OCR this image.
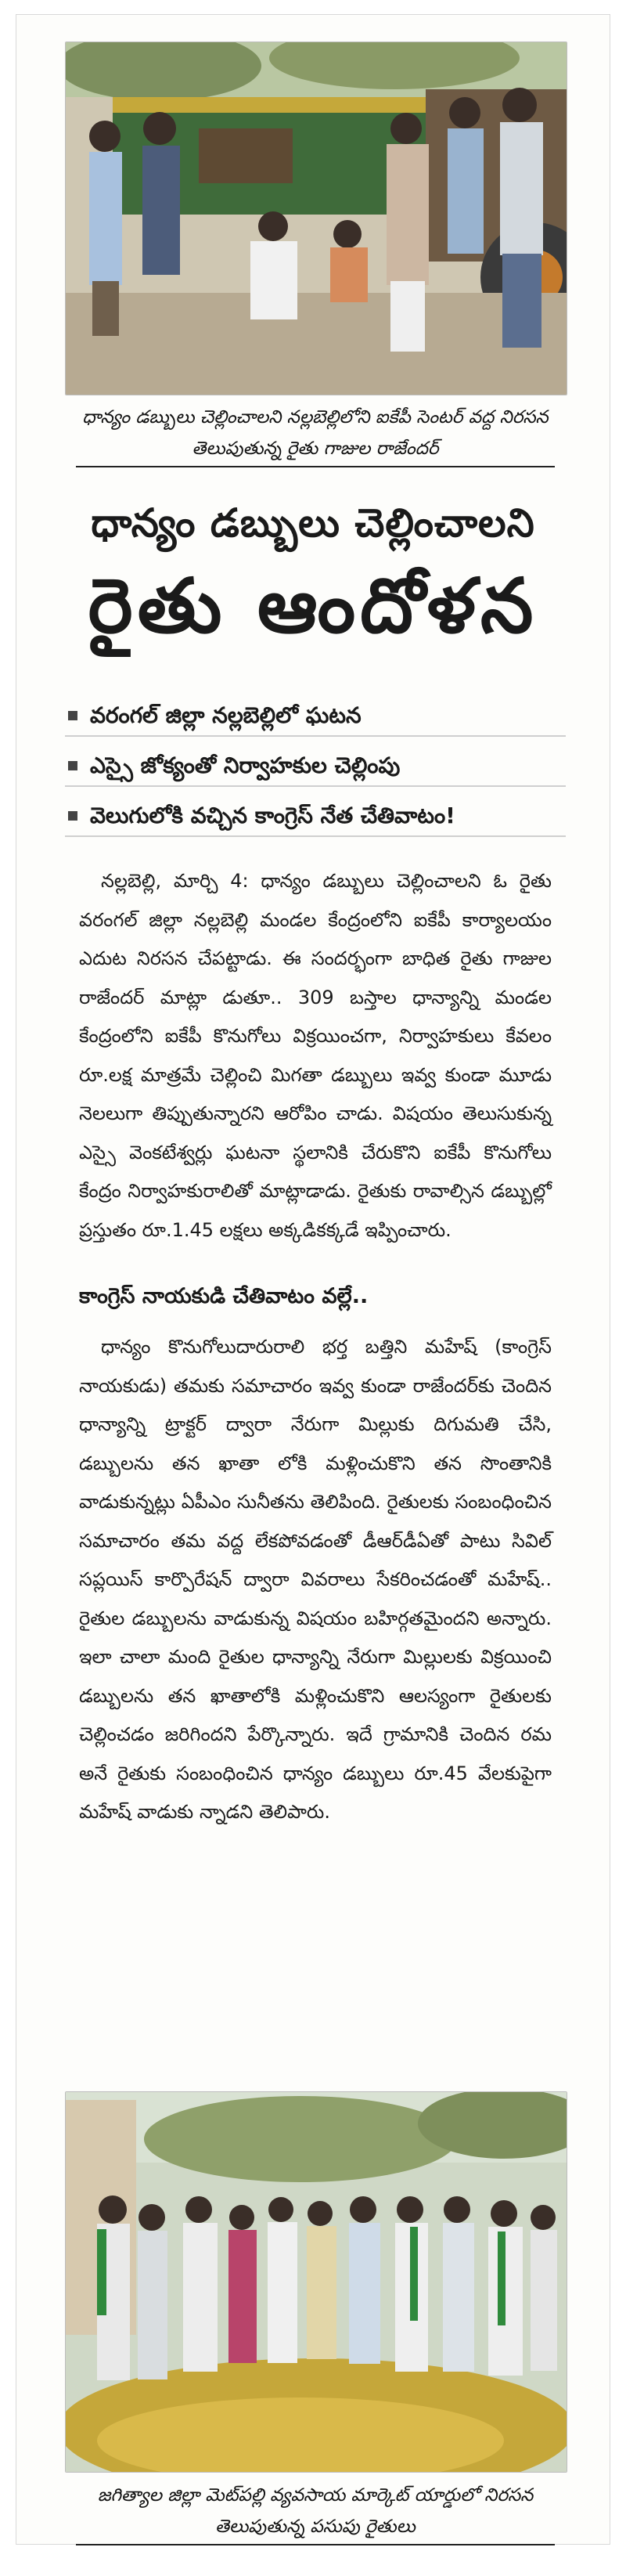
ధాన్యం డబ్బులు చెల్లించాలని నల్లబెల్లిలోని ఐకేపీ సెంటర్ వద్ద నిరసన తెలుపుతున్న రైతు గాజుల రాజేందర్
ధాన్యం డబ్బులు చెల్లించాలని
రైతు ఆందోళన
వరంగల్ జిల్లా నల్లబెల్లిలో ఘటన
ఎస్సై జోక్యంతో నిర్వాహకుల చెల్లింపు
వెలుగులోకి వచ్చిన కాంగ్రెస్ నేత చేతివాటం!

నల్లబెల్లి, మార్చి 4: ధాన్యం డబ్బులు చెల్లించాలని ఓ రైతు వరంగల్ జిల్లా నల్లబెల్లి మండల కేంద్రంలోని ఐకేపీ కార్యాలయం ఎదుట నిరసన చేపట్టాడు. ఈ సందర్భంగా బాధిత రైతు గాజుల రాజేందర్ మాట్లా డుతూ.. 309 బస్తాల ధాన్యాన్ని మండల కేంద్రంలోని ఐకేపీ కొనుగోలు విక్రయించగా, నిర్వాహకులు కేవలం రూ.లక్ష మాత్రమే చెల్లించి మిగతా డబ్బులు ఇవ్వ కుండా మూడు నెలలుగా తిప్పుతున్నారని ఆరోపిం చాడు. విషయం తెలుసుకున్న ఎస్సై వెంకటేశ్వర్లు ఘటనా స్థలానికి చేరుకొని ఐకేపీ కొనుగోలు కేంద్రం నిర్వాహకురాలితో మాట్లాడాడు. రైతుకు రావాల్సిన డబ్బుల్లో ప్రస్తుతం రూ.1.45 లక్షలు అక్కడికక్కడే ఇప్పించారు.

కాంగ్రెస్ నాయకుడి చేతివాటం వల్లే..

ధాన్యం కొనుగోలుదారురాలి భర్త బత్తిని మహేష్ (కాంగ్రెస్ నాయకుడు) తమకు సమాచారం ఇవ్వ కుండా రాజేందర్‌కు చెందిన ధాన్యాన్ని ట్రాక్టర్ ద్వారా నేరుగా మిల్లుకు దిగుమతి చేసి, డబ్బులను తన ఖాతా లోకి మళ్లించుకొని తన సొంతానికి వాడుకున్నట్లు ఏపీఎం సునీతను తెలిపింది. రైతులకు సంబంధించిన సమాచారం తమ వద్ద లేకపోవడంతో డీఆర్‌డీఏతో పాటు సివిల్ సప్లయిస్ కార్పొరేషన్ ద్వారా వివరాలు సేకరించడంతో మహేష్.. రైతుల డబ్బులను వాడుకున్న విషయం బహిర్గతమైందని అన్నారు. ఇలా చాలా మంది రైతుల ధాన్యాన్ని నేరుగా మిల్లులకు విక్రయించి డబ్బులను తన ఖాతాలోకి మళ్లించుకొని ఆలస్యంగా రైతులకు చెల్లించడం జరిగిందని పేర్కొన్నారు. ఇదే గ్రామానికి చెందిన రమ అనే రైతుకు సంబంధించిన ధాన్యం డబ్బులు రూ.45 వేలకుపైగా మహేష్ వాడుకు న్నాడని తెలిపారు.

జగిత్యాల జిల్లా మెట్‌పల్లి వ్యవసాయ మార్కెట్ యార్డులో నిరసన తెలుపుతున్న పసుపు రైతులు
